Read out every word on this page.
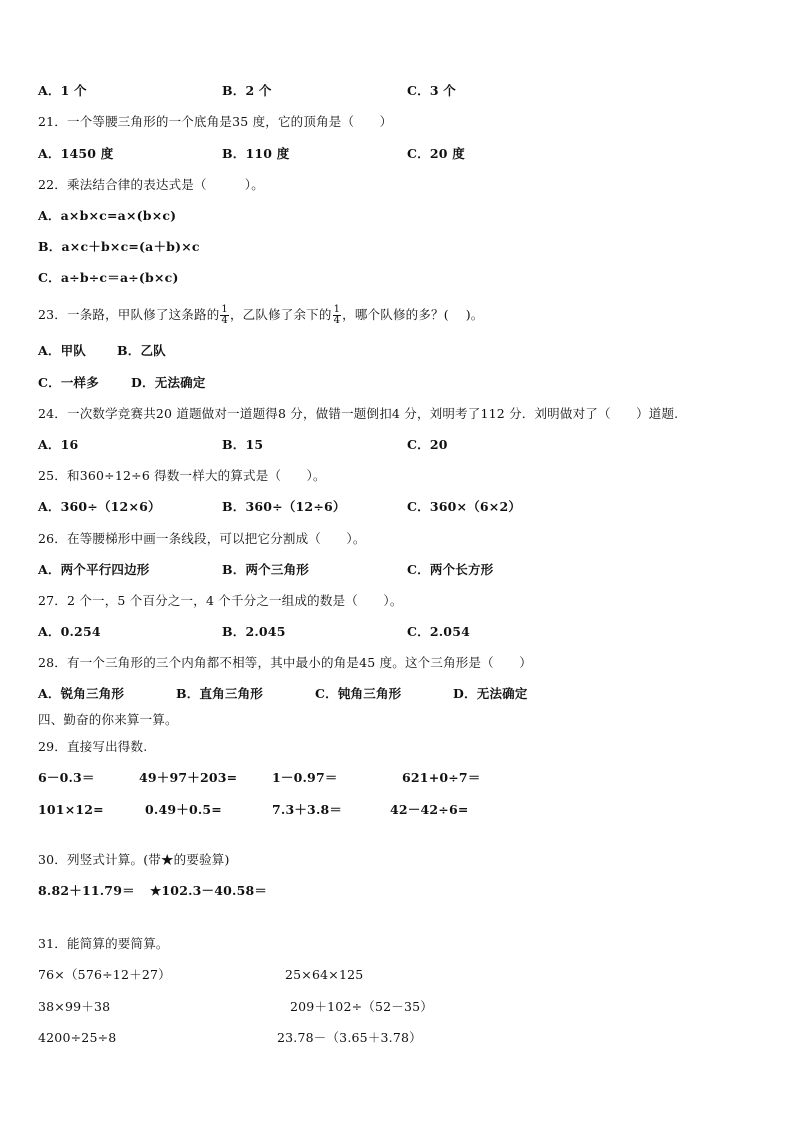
A．1 个	B．2 个	C．3 个
21．一个等腰三角形的一个底角是35 度，它的顶角是（　　）
A．1450 度	B．110 度	C．20 度
22．乘法结合律的表达式是（　　　）。
A．a×b×c=a×(b×c)
B．a×c＋b×c=(a＋b)×c
C．a÷b÷c＝a÷(b×c)
23．一条路，甲队修了这条路的 $\frac{1}{4}$ ，乙队修了余下的 $\frac{1}{4}$ ，哪个队修的多？(　 )。
A．甲队 B．乙队
C．一样多	D．无法确定
24．一次数学竞赛共20 道题做对一道题得8 分，做错一题倒扣4 分，刘明考了112 分．刘明做对了（　　）道题.
A．16	B．15	C．20
25．和360÷12÷6 得数一样大的算式是（　　）。
A．360÷（12×6）	B．360÷（12÷6）	C．360×（6×2）
26．在等腰梯形中画一条线段，可以把它分割成（　　）。
A．两个平行四边形	B．两个三角形	C．两个长方形
27．2 个一，5 个百分之一，4 个千分之一组成的数是（　　）。
A．0.254	B．2.045	C．2.054
28．有一个三角形的三个内角都不相等，其中最小的角是45 度。这个三角形是（　　）
A．锐角三角形	B．直角三角形	C．钝角三角形	D．无法确定
四、勤奋的你来算一算。
29．直接写出得数.
6－0.3＝	49＋97＋203=	1－0.97＝	621+0÷7＝
101×12=	0.49＋0.5=	7.3＋3.8＝	42－42÷6=
30．列竖式计算。(带★的要验算)
8.82＋11.79＝ ★102.3－40.58＝
31．能简算的要简算。
76×（576÷12＋27）	25×64×125
38×99＋38	209＋102÷（52－35）
4200÷25÷8	23.78－（3.65＋3.78）
